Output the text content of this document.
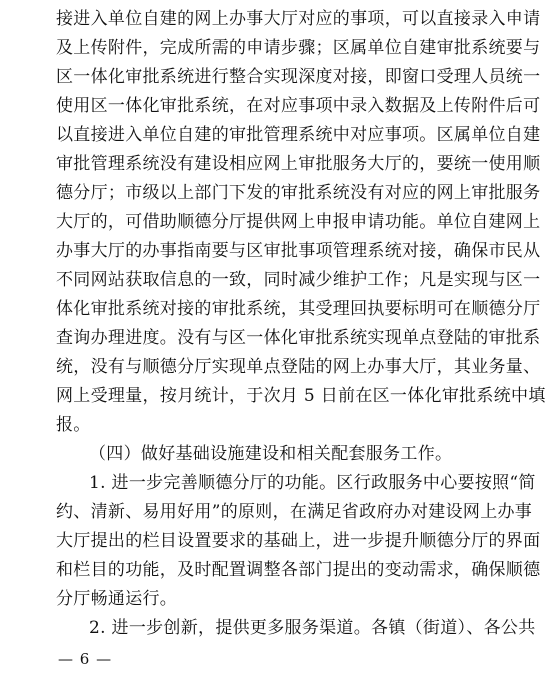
接进入单位自建的网上办事大厅对应的事项，可以直接录入申请
及上传附件，完成所需的申请步骤；区属单位自建审批系统要与
区一体化审批系统进行整合实现深度对接，即窗口受理人员统一
使用区一体化审批系统，在对应事项中录入数据及上传附件后可
以直接进入单位自建的审批管理系统中对应事项。区属单位自建
审批管理系统没有建设相应网上审批服务大厅的，要统一使用顺
德分厅；市级以上部门下发的审批系统没有对应的网上审批服务
大厅的，可借助顺德分厅提供网上申报申请功能。单位自建网上
办事大厅的办事指南要与区审批事项管理系统对接，确保市民从
不同网站获取信息的一致，同时减少维护工作；凡是实现与区一
体化审批系统对接的审批系统，其受理回执要标明可在顺德分厅
查询办理进度。没有与区一体化审批系统实现单点登陆的审批系
统，没有与顺德分厅实现单点登陆的网上办事大厅，其业务量、
网上受理量，按月统计，于次月 5 日前在区一体化审批系统中填
报。
（四）做好基础设施建设和相关配套服务工作。
1. 进一步完善顺德分厅的功能。区行政服务中心要按照“简
约、清新、易用好用”的原则，在满足省政府办对建设网上办事
大厅提出的栏目设置要求的基础上，进一步提升顺德分厅的界面
和栏目的功能，及时配置调整各部门提出的变动需求，确保顺德
分厅畅通运行。
2. 进一步创新，提供更多服务渠道。各镇（街道）、各公共
— 6 —
